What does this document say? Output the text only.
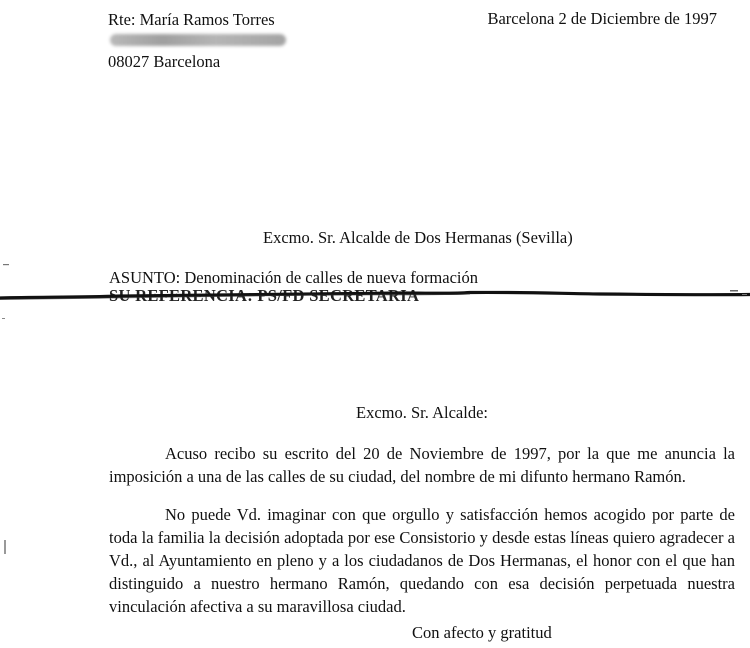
Rte: María Ramos Torres	Barcelona 2 de Diciembre de 1997
08027 Barcelona
Excmo. Sr. Alcalde de Dos Hermanas (Sevilla)
ASUNTO: Denominación de calles de nueva formación
SU REFERENCIA: PS/FD SECRETARIA
Excmo. Sr. Alcalde:

Acuso recibo su escrito del 20 de Noviembre de 1997, por la que me anuncia la imposición a una de las calles de su ciudad, del nombre de mi difunto hermano Ramón.

No puede Vd. imaginar con que orgullo y satisfacción hemos acogido por parte de toda la familia la decisión adoptada por ese Consistorio y desde estas líneas quiero agradecer a Vd., al Ayuntamiento en pleno y a los ciudadanos de Dos Hermanas, el honor con el que han distinguido a nuestro hermano Ramón, quedando con esa decisión perpetuada nuestra vinculación afectiva a su maravillosa ciudad.

Con afecto y gratitud
